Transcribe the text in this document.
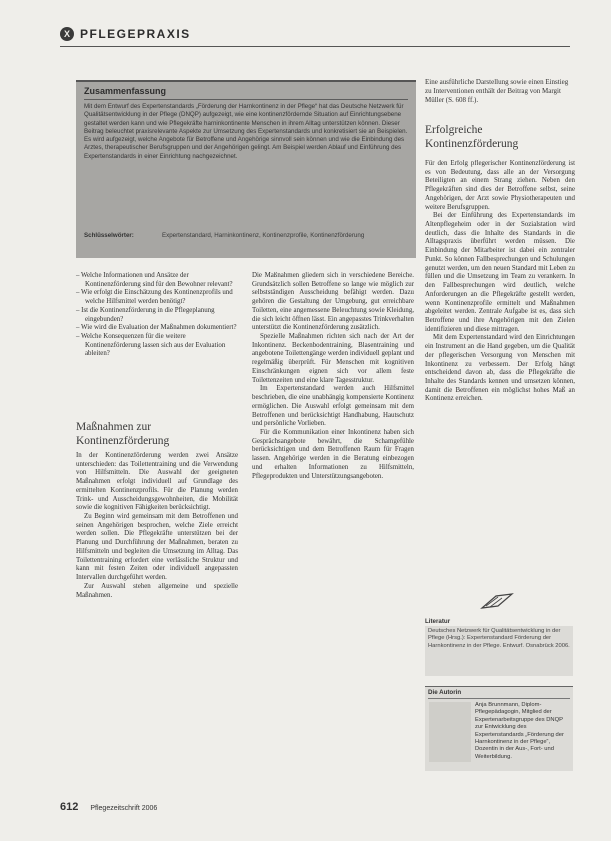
X PFLEGEPRAXIS
Zusammenfassung
Mit dem Entwurf des Expertenstandards „Förderung der Harnkontinenz in der Pflege“ hat das Deutsche Netzwerk für Qualitätsentwicklung in der Pflege (DNQP) aufgezeigt, wie eine kontinenzfördernde Situation auf Einrichtungsebene gestaltet werden kann und wie Pflegekräfte harninkontinente Menschen in ihrem Alltag unterstützen können. Dieser Beitrag beleuchtet praxisrelevante Aspekte zur Umsetzung des Expertenstandards und konkretisiert sie an Beispielen. Es wird aufgezeigt, welche Angebote für Betroffene und Angehörige sinnvoll sein können und wie die Einbindung des Arztes, therapeutischer Berufsgruppen und der Angehörigen gelingt. Am Beispiel werden Ablauf und Einführung des Expertenstandards in einer Einrichtung nachgezeichnet.
Schlüsselwörter:	Expertenstandard, Harninkontinenz, Kontinenzprofile, Kontinenzförderung
Eine ausführliche Darstellung sowie einen Einstieg zu Interventionen enthält der Beitrag von Margit Müller (S. 608 ff.).
Erfolgreiche Kontinenzförderung

Für den Erfolg pflegerischer Kontinenzförderung ist es von Bedeutung, dass alle an der Versorgung Beteiligten an einem Strang ziehen. Neben den Pflegekräften sind dies der Betroffene selbst, seine Angehörigen, der Arzt sowie Physiotherapeuten und weitere Berufsgruppen.

Bei der Einführung des Expertenstandards im Altenpflegeheim oder in der Sozialstation wird deutlich, dass die Inhalte des Standards in die Alltagspraxis überführt werden müssen. Die Einbindung der Mitarbeiter ist dabei ein zentraler Punkt. So können Fallbesprechungen und Schulungen genutzt werden, um den neuen Standard mit Leben zu füllen und die Umsetzung im Team zu verankern. In den Fallbesprechungen wird deutlich, welche Anforderungen an die Pflegekräfte gestellt werden, wenn Kontinenzprofile ermittelt und Maßnahmen abgeleitet werden. Zentrale Aufgabe ist es, dass sich Betroffene und ihre Angehörigen mit den Zielen identifizieren und diese mittragen.

Mit dem Expertenstandard wird den Einrichtungen ein Instrument an die Hand gegeben, um die Qualität der pflegerischen Versorgung von Menschen mit Inkontinenz zu verbessern. Der Erfolg hängt entscheidend davon ab, dass die Pflegekräfte die Inhalte des Standards kennen und umsetzen können, damit die Betroffenen ein möglichst hohes Maß an Kontinenz erreichen.

– Welche Informationen und Ansätze der Kontinenzförderung sind für den Bewohner relevant?
– Wie erfolgt die Einschätzung des Kontinenzprofils und welche Hilfsmittel werden benötigt?
– Ist die Kontinenzförderung in die Pflegeplanung eingebunden?
– Wie wird die Evaluation der Maßnahmen dokumentiert?
– Welche Konsequenzen für die weitere Kontinenzförderung lassen sich aus der Evaluation ableiten?
Maßnahmen zur Kontinenzförderung

In der Kontinenzförderung werden zwei Ansätze unterschieden: das Toilettentraining und die Verwendung von Hilfsmitteln. Die Auswahl der geeigneten Maßnahmen erfolgt individuell auf Grundlage des ermittelten Kontinenzprofils. Für die Planung werden Trink- und Ausscheidungsgewohnheiten, die Mobilität sowie die kognitiven Fähigkeiten berücksichtigt.

Zu Beginn wird gemeinsam mit dem Betroffenen und seinen Angehörigen besprochen, welche Ziele erreicht werden sollen. Die Pflegekräfte unterstützen bei der Planung und Durchführung der Maßnahmen, beraten zu Hilfsmitteln und begleiten die Umsetzung im Alltag. Das Toilettentraining erfordert eine verlässliche Struktur und kann mit festen Zeiten oder individuell angepassten Intervallen durchgeführt werden.

Zur Auswahl stehen allgemeine und spezielle Maßnahmen.

Die Maßnahmen gliedern sich in verschiedene Bereiche. Grundsätzlich sollen Betroffene so lange wie möglich zur selbstständigen Ausscheidung befähigt werden. Dazu gehören die Gestaltung der Umgebung, gut erreichbare Toiletten, eine angemessene Beleuchtung sowie Kleidung, die sich leicht öffnen lässt. Ein angepasstes Trinkverhalten unterstützt die Kontinenzförderung zusätzlich.

Spezielle Maßnahmen richten sich nach der Art der Inkontinenz. Beckenbodentraining, Blasentraining und angebotene Toilettengänge werden individuell geplant und regelmäßig überprüft. Für Menschen mit kognitiven Einschränkungen eignen sich vor allem feste Toilettenzeiten und eine klare Tagesstruktur.

Im Expertenstandard werden auch Hilfsmittel beschrieben, die eine unabhängig kompensierte Kontinenz ermöglichen. Die Auswahl erfolgt gemeinsam mit dem Betroffenen und berücksichtigt Handhabung, Hautschutz und persönliche Vorlieben.

Für die Kommunikation einer Inkontinenz haben sich Gesprächsangebote bewährt, die Schamgefühle berücksichtigen und dem Betroffenen Raum für Fragen lassen. Angehörige werden in die Beratung einbezogen und erhalten Informationen zu Hilfsmitteln, Pflegeprodukten und Unterstützungsangeboten.

Literatur
Deutsches Netzwerk für Qualitätsentwicklung in der Pflege (Hrsg.): Expertenstandard Förderung der Harnkontinenz in der Pflege. Entwurf. Osnabrück 2006.
Die Autorin
Anja Brunnmann, Diplom-Pflegepädagogin, Mitglied der Expertenarbeitsgruppe des DNQP zur Entwicklung des Expertenstandards „Förderung der Harnkontinenz in der Pflege“, Dozentin in der Aus-, Fort- und Weiterbildung.
612 Pflegezeitschrift 2006
